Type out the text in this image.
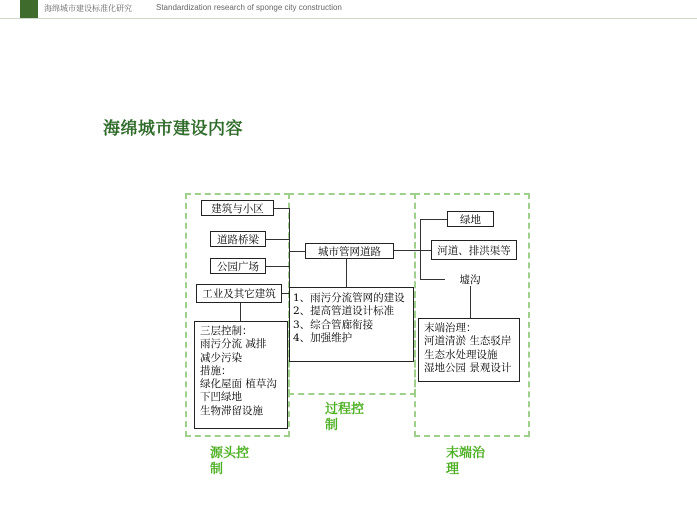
海绵城市建设标准化研究	Standardization research of sponge city construction
海绵城市建设内容
建筑与小区
道路桥梁
公园广场
工业及其它建筑
三层控制：
雨污分流 减排
减少污染
措施：
绿化屋面 植草沟
下凹绿地
生物滞留设施
城市管网道路
1、雨污分流管网的建设
2、提高管道设计标准
3、综合管廊衔接
4、加强维护
绿地
河道、排洪渠等
墟沟
末端治理：
河道清淤 生态驳岸
生态水处理设施
湿地公园 景观设计
源头控
制
过程控
制
末端治
理
